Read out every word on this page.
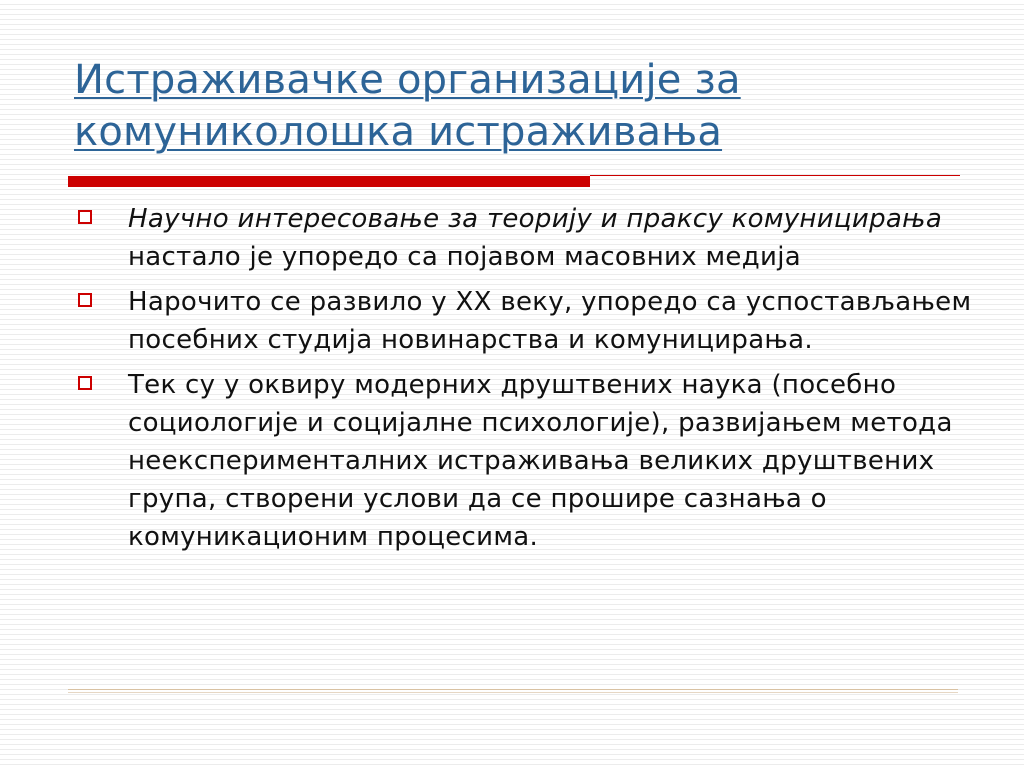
Истраживачке организације за
комуниколошка истраживања
Научно интересовање за теорију и праксу комуницирања настало је упоредо са појавом масовних медија
Нарочито се развило у XX веку, упоредо са успостављањем посебних студија новинарства и комуницирања.
Тек су у оквиру модерних друштвених наука (посебно социологије и социјалне психологије), развијањем метода неексперименталних истраживања великих друштвених група, створени услови да се прошире сазнања о комуникационим процесима.
